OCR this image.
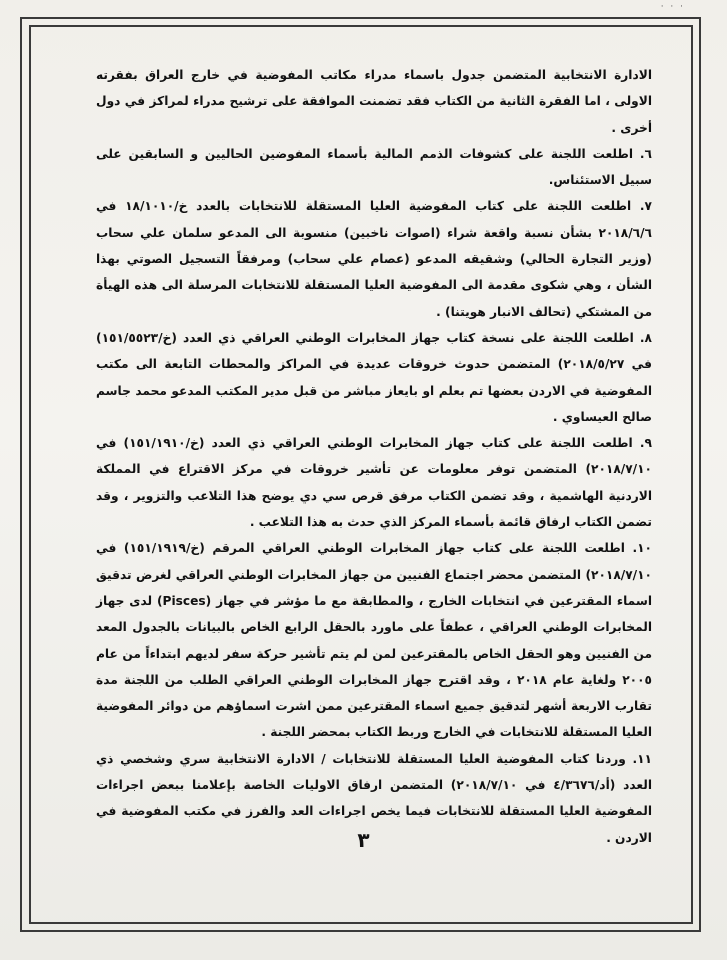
· · ·

الادارة الانتخابية المتضمن جدول باسماء مدراء مكاتب المفوضية في خارج العراق بفقرته الاولى ، اما الفقرة الثانية من الكتاب فقد تضمنت الموافقة على ترشيح مدراء لمراكز في دول أخرى .

٦. اطلعت اللجنة على كشوفات الذمم المالية بأسماء المفوضين الحاليين و السابقين على سبيل الاستئناس.

٧. اطلعت اللجنة على كتاب المفوضية العليا المستقلة للانتخابات بالعدد خ/١٨/١٠١٠ في ٢٠١٨/٦/٦ بشأن نسبة واقعة شراء (اصوات ناخبين) منسوبة الى المدعو سلمان علي سحاب (وزير التجارة الحالي) وشقيقه المدعو (عصام علي سحاب) ومرفقاً التسجيل الصوتي بهذا الشأن ، وهي شكوى مقدمة الى المفوضية العليا المستقلة للانتخابات المرسلة الى هذه الهيأة من المشتكي (تحالف الانبار هويتنا) .

٨. اطلعت اللجنة على نسخة كتاب جهاز المخابرات الوطني العراقي ذي العدد (خ/١٥١/٥٥٢٣) في ٢٠١٨/٥/٢٧) المتضمن حدوث خروقات عديدة في المراكز والمحطات التابعة الى مكتب المفوضية في الاردن بعضها تم بعلم او بايعاز مباشر من قبل مدير المكتب المدعو محمد جاسم صالح العيساوي .

٩. اطلعت اللجنة على كتاب جهاز المخابرات الوطني العراقي ذي العدد (خ/١٥١/١٩١٠) في ٢٠١٨/٧/١٠) المتضمن توفر معلومات عن تأشير خروقات في مركز الاقتراع في المملكة الاردنية الهاشمية ، وقد تضمن الكتاب مرفق قرص سي دي يوضح هذا التلاعب والتزوير ، وقد تضمن الكتاب ارفاق قائمة بأسماء المركز الذي حدث به هذا التلاعب .

١٠. اطلعت اللجنة على كتاب جهاز المخابرات الوطني العراقي المرقم (خ/١٥١/١٩١٩) في ٢٠١٨/٧/١٠) المتضمن محضر اجتماع الفنيين من جهاز المخابرات الوطني العراقي لغرض تدقيق اسماء المقترعين في انتخابات الخارج ، والمطابقة مع ما مؤشر في جهاز (Pisces) لدى جهاز المخابرات الوطني العراقي ، عطفاً على ماورد بالحقل الرابع الخاص بالبيانات بالجدول المعد من الفنيين وهو الحقل الخاص بالمقترعين لمن لم يتم تأشير حركة سفر لديهم ابتداءاً من عام ٢٠٠٥ ولغاية عام ٢٠١٨ ، وقد اقترح جهاز المخابرات الوطني العراقي الطلب من اللجنة مدة تقارب الاربعة أشهر لتدقيق جميع اسماء المقترعين ممن اشرت اسماؤهم من دوائر المفوضية العليا المستقلة للانتخابات في الخارج وربط الكتاب بمحضر اللجنة .

١١. وردنا كتاب المفوضية العليا المستقلة للانتخابات / الادارة الانتخابية سري وشخصي ذي العدد (أد/٤/٣٦٧٦ في ٢٠١٨/٧/١٠) المتضمن ارفاق الاوليات الخاصة بإعلامنا ببعض اجراءات المفوضية العليا المستقلة للانتخابات فيما يخص اجراءات العد والفرز في مكتب المفوضية في الاردن .

٣
